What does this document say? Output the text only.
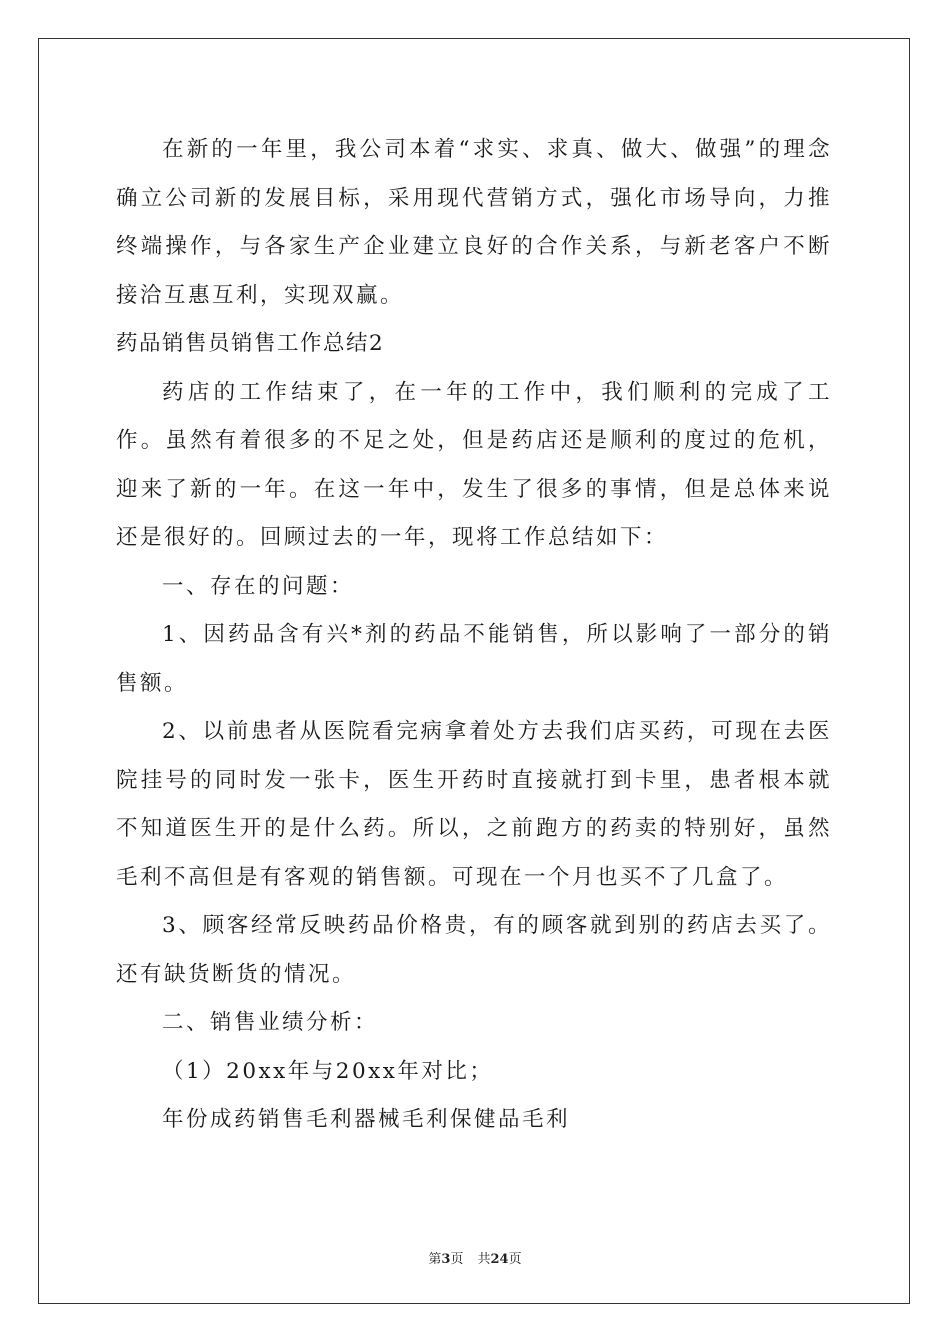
在新的一年里，我公司本着“求实、求真、做大、做强”的理念确立公司新的发展目标，采用现代营销方式，强化市场导向，力推终端操作，与各家生产企业建立良好的合作关系，与新老客户不断接洽互惠互利，实现双赢。

药品销售员销售工作总结2

药店的工作结束了，在一年的工作中，我们顺利的完成了工作。虽然有着很多的不足之处，但是药店还是顺利的度过的危机，迎来了新的一年。在这一年中，发生了很多的事情，但是总体来说还是很好的。回顾过去的一年，现将工作总结如下：

一、存在的问题：

1、因药品含有兴*剂的药品不能销售，所以影响了一部分的销售额。

2、以前患者从医院看完病拿着处方去我们店买药，可现在去医院挂号的同时发一张卡，医生开药时直接就打到卡里，患者根本就不知道医生开的是什么药。所以，之前跑方的药卖的特别好，虽然毛利不高但是有客观的销售额。可现在一个月也买不了几盒了。

3、顾客经常反映药品价格贵，有的顾客就到别的药店去买了。还有缺货断货的情况。

二、销售业绩分析：

（1）20xx年与20xx年对比；

年份成药销售毛利器械毛利保健品毛利

第3页 共24页
